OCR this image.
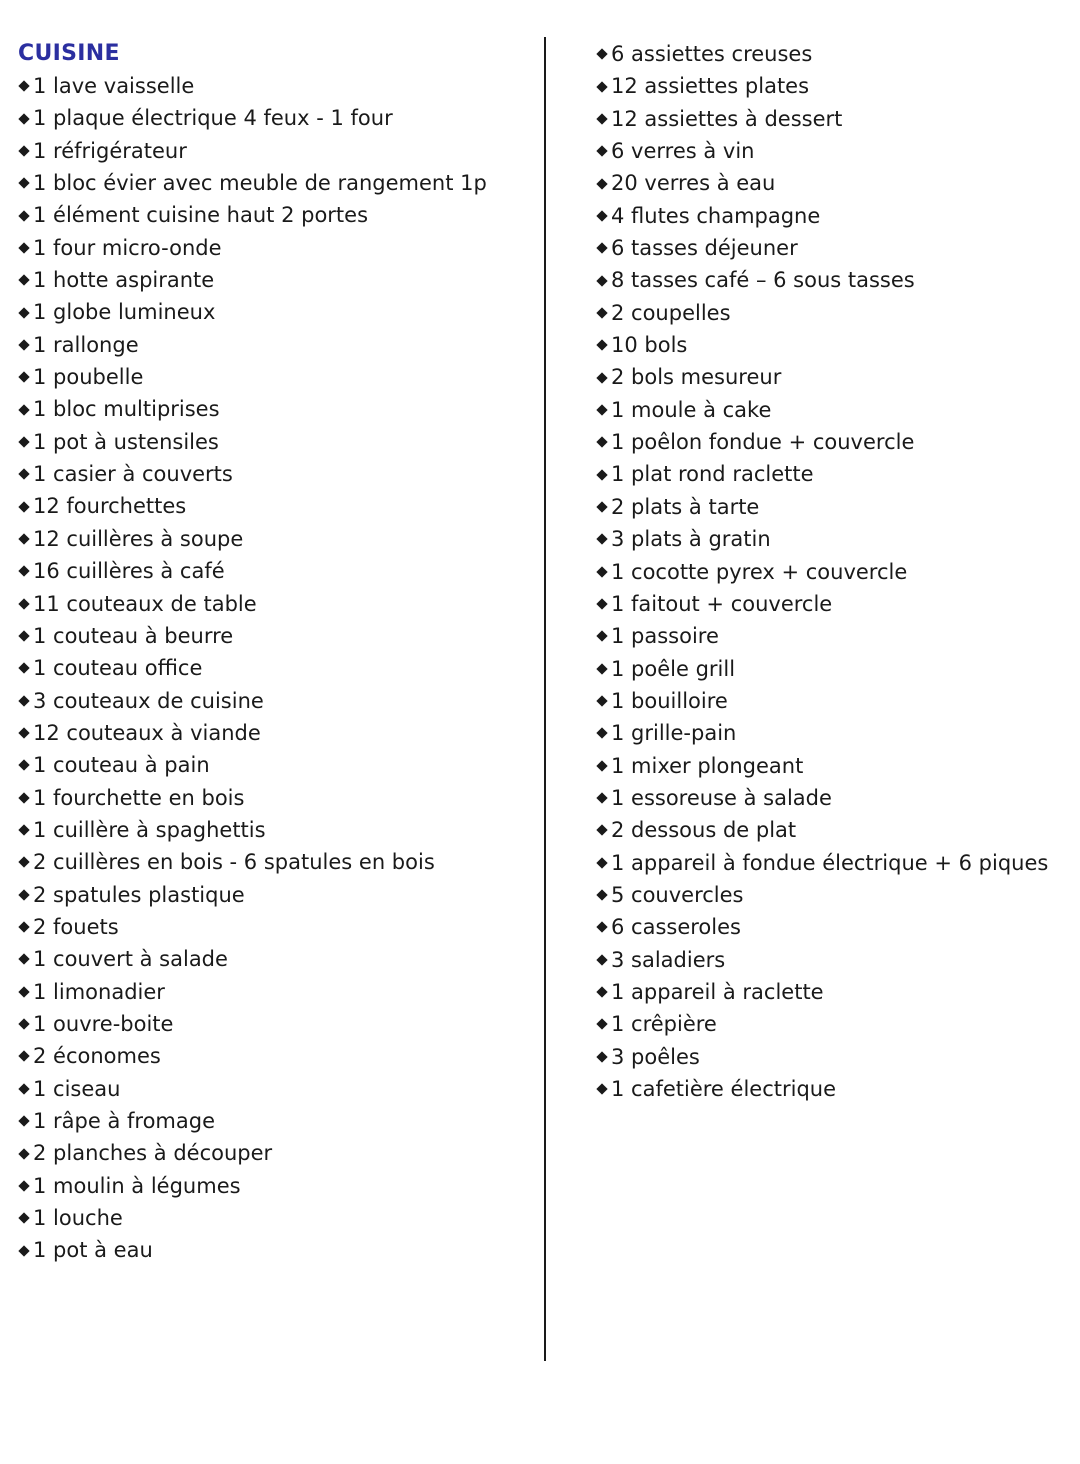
CUISINE
1 lave vaisselle
1 plaque électrique 4 feux - 1 four
1 réfrigérateur
1 bloc évier avec meuble de rangement 1p
1 élément cuisine haut 2 portes
1 four micro-onde
1 hotte aspirante
1 globe lumineux
1 rallonge
1 poubelle
1 bloc multiprises
1 pot à ustensiles
1 casier à couverts
12 fourchettes
12 cuillères à soupe
16 cuillères à café
11 couteaux de table
1 couteau à beurre
1 couteau office
3 couteaux de cuisine
12 couteaux à viande
1 couteau à pain
1 fourchette en bois
1 cuillère à spaghettis
2 cuillères en bois - 6 spatules en bois
2 spatules plastique
2 fouets
1 couvert à salade
1 limonadier
1 ouvre-boite
2 économes
1 ciseau
1 râpe à fromage
2 planches à découper
1 moulin à légumes
1 louche
1 pot à eau
6 assiettes creuses
12 assiettes plates
12 assiettes à dessert
6 verres à vin
20 verres à eau
4 flutes champagne
6 tasses déjeuner
8 tasses café – 6 sous tasses
2 coupelles
10 bols
2 bols mesureur
1 moule à cake
1 poêlon fondue + couvercle
1 plat rond raclette
2 plats à tarte
3 plats à gratin
1 cocotte pyrex + couvercle
1 faitout + couvercle
1 passoire
1 poêle grill
1 bouilloire
1 grille-pain
1 mixer plongeant
1 essoreuse à salade
2 dessous de plat
1 appareil à fondue électrique + 6 piques
5 couvercles
6 casseroles
3 saladiers
1 appareil à raclette
1 crêpière
3 poêles
1 cafetière électrique
